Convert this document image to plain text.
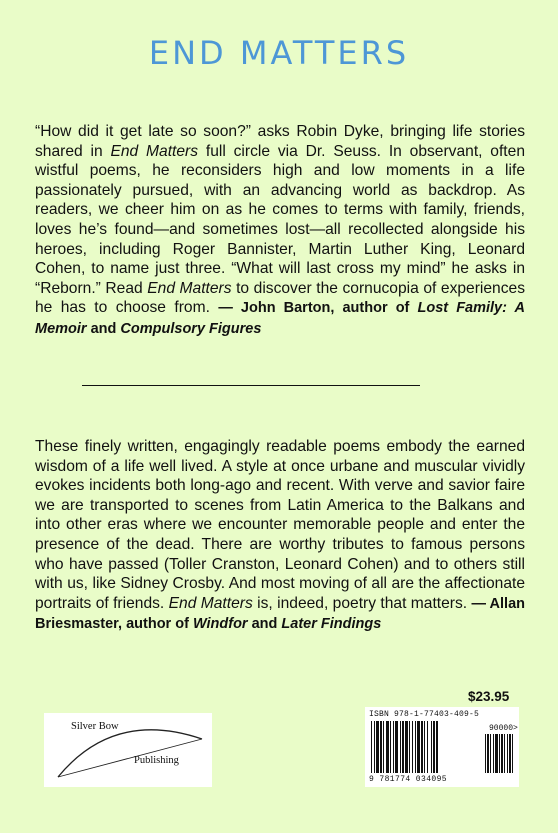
END MATTERS
“How did it get late so soon?” asks Robin Dyke, bringing life stories shared in End Matters full circle via Dr. Seuss. In observant, often wistful poems, he reconsiders high and low moments in a life passionately pursued, with an advancing world as backdrop. As readers, we cheer him on as he comes to terms with family, friends, loves he’s found—and sometimes lost—all recollected alongside his heroes, including Roger Bannister, Martin Luther King, Leonard Cohen, to name just three. “What will last cross my mind” he asks in “Reborn.” Read End Matters to discover the cornucopia of experiences he has to choose from. — John Barton, author of Lost Family: A Memoir and Compulsory Figures
These finely written, engagingly readable poems embody the earned wisdom of a life well lived. A style at once urbane and muscular vividly evokes incidents both long-ago and recent. With verve and savior faire we are transported to scenes from Latin America to the Balkans and into other eras where we encounter memorable people and enter the presence of the dead. There are worthy tributes to famous persons who have passed (Toller Cranston, Leonard Cohen) and to others still with us, like Sidney Crosby. And most moving of all are the affectionate portraits of friends. End Matters is, indeed, poetry that matters. — Allan Briesmaster, author of Windfor and Later Findings
$23.95
Silver Bow
Publishing
ISBN 978-1-77403-409-5
90000>
9 781774 034095
